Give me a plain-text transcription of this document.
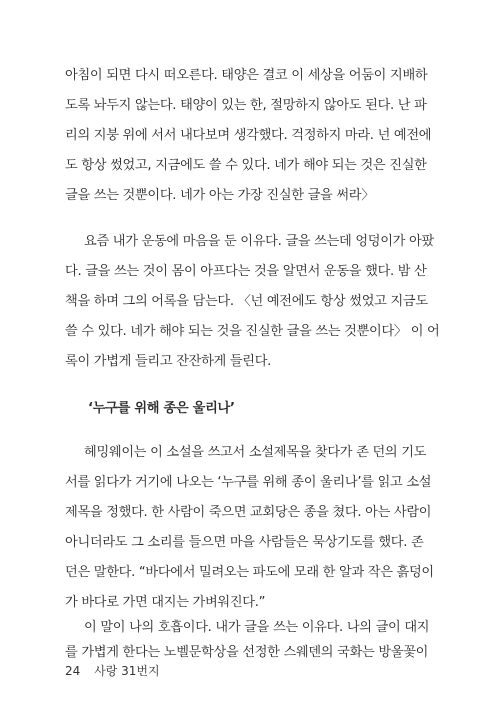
아침이 되면 다시 떠오른다. 태양은 결코 이 세상을 어둠이 지배하
도록 놔두지 않는다. 태양이 있는 한, 절망하지 않아도 된다. 난 파
리의 지붕 위에 서서 내다보며 생각했다. 걱정하지 마라. 넌 예전에
도 항상 썼었고, 지금에도 쓸 수 있다. 네가 해야 되는 것은 진실한
글을 쓰는 것뿐이다. 네가 아는 가장 진실한 글을 써라〉
요즘 내가 운동에 마음을 둔 이유다. 글을 쓰는데 엉덩이가 아팠
다. 글을 쓰는 것이 몸이 아프다는 것을 알면서 운동을 했다. 밤 산
책을 하며 그의 어록을 담는다. 〈넌 예전에도 항상 썼었고 지금도
쓸 수 있다. 네가 해야 되는 것을 진실한 글을 쓰는 것뿐이다〉 이 어
록이 가볍게 들리고 잔잔하게 들린다.
‘누구를 위해 종은 울리나’
헤밍웨이는 이 소설을 쓰고서 소설제목을 찾다가 존 던의 기도
서를 읽다가 거기에 나오는 ‘누구를 위해 종이 울리나’를 읽고 소설
제목을 정했다. 한 사람이 죽으면 교회당은 종을 쳤다. 아는 사람이
아니더라도 그 소리를 들으면 마을 사람들은 묵상기도를 했다. 존
던은 말한다. “바다에서 밀려오는 파도에 모래 한 알과 작은 흙덩이
가 바다로 가면 대지는 가벼워진다.”
이 말이 나의 호흡이다. 내가 글을 쓰는 이유다. 나의 글이 대지
를 가볍게 한다는 노벨문학상을 선정한 스웨덴의 국화는 방울꽃이
24 사랑 31번지
